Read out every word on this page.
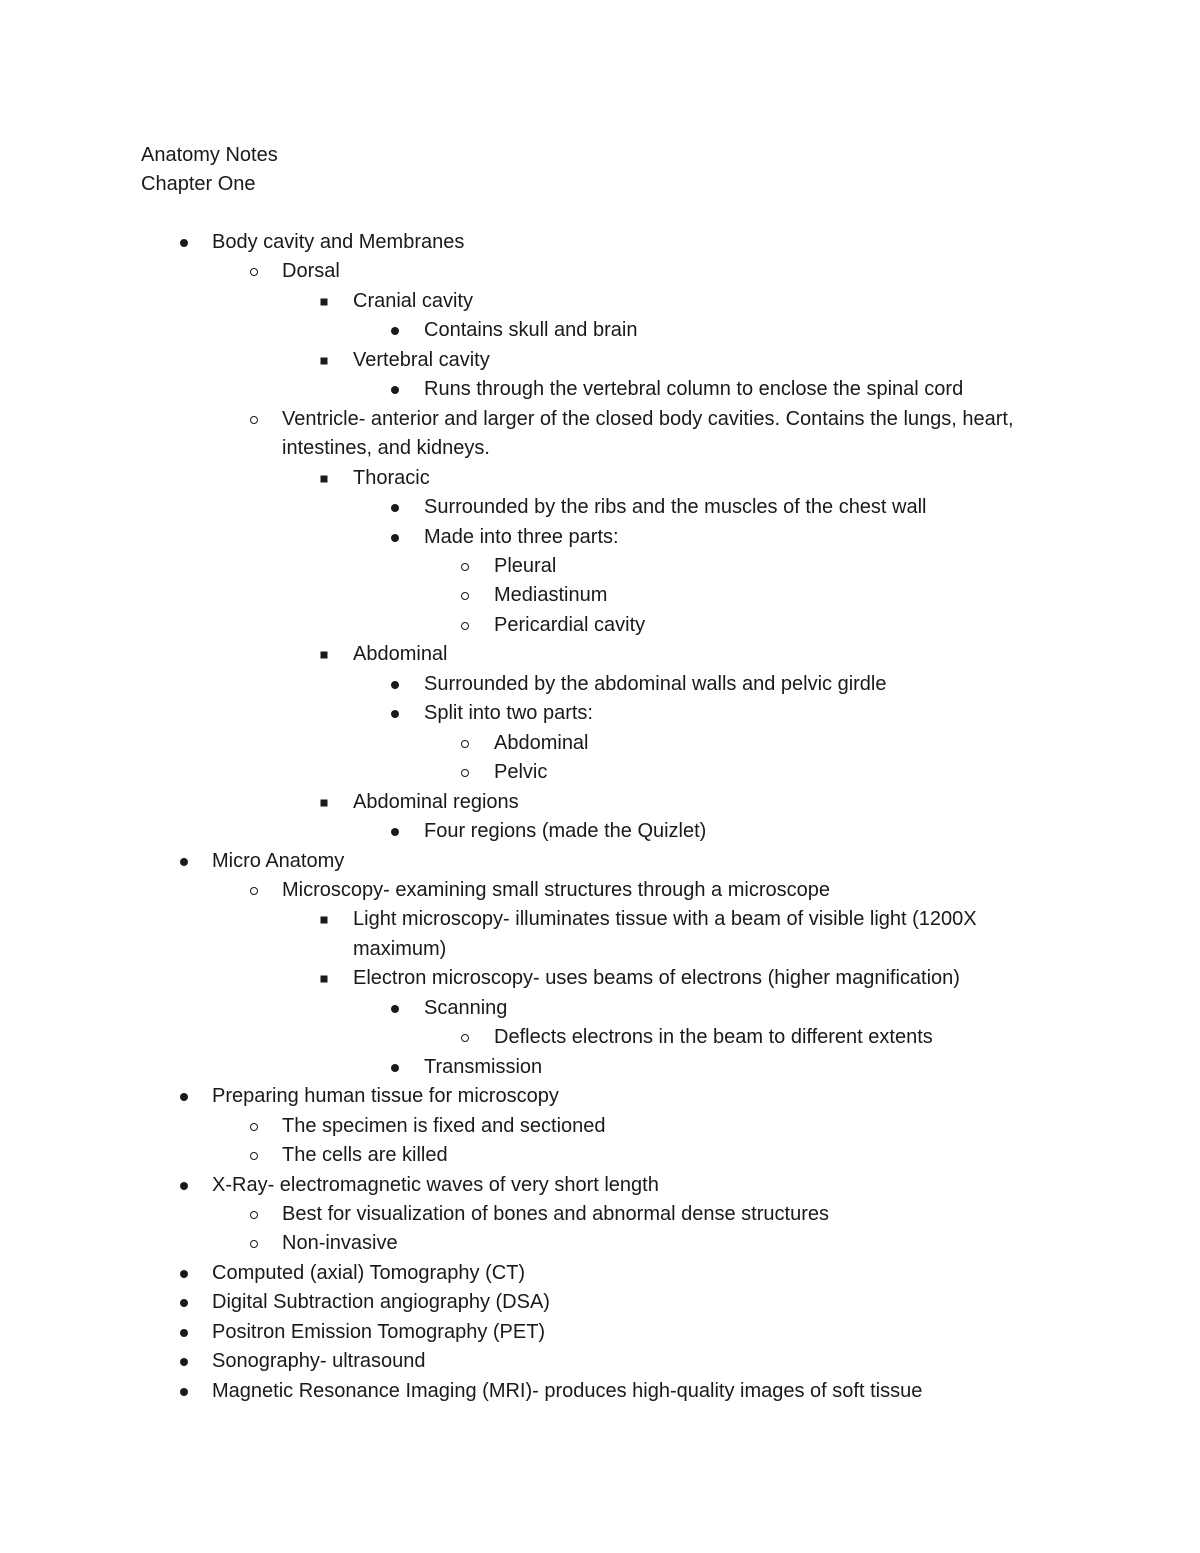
Anatomy Notes
Chapter One
Body cavity and Membranes
Dorsal
Cranial cavity
Contains skull and brain
Vertebral cavity
Runs through the vertebral column to enclose the spinal cord
Ventricle- anterior and larger of the closed body cavities. Contains the lungs, heart, intestines, and kidneys.
Thoracic
Surrounded by the ribs and the muscles of the chest wall
Made into three parts:
Pleural
Mediastinum
Pericardial cavity
Abdominal
Surrounded by the abdominal walls and pelvic girdle
Split into two parts:
Abdominal
Pelvic
Abdominal regions
Four regions (made the Quizlet)
Micro Anatomy
Microscopy- examining small structures through a microscope
Light microscopy- illuminates tissue with a beam of visible light (1200X maximum)
Electron microscopy- uses beams of electrons (higher magnification)
Scanning
Deflects electrons in the beam to different extents
Transmission
Preparing human tissue for microscopy
The specimen is fixed and sectioned
The cells are killed
X-Ray- electromagnetic waves of very short length
Best for visualization of bones and abnormal dense structures
Non-invasive
Computed (axial) Tomography (CT)
Digital Subtraction angiography (DSA)
Positron Emission Tomography (PET)
Sonography- ultrasound
Magnetic Resonance Imaging (MRI)- produces high-quality images of soft tissue
